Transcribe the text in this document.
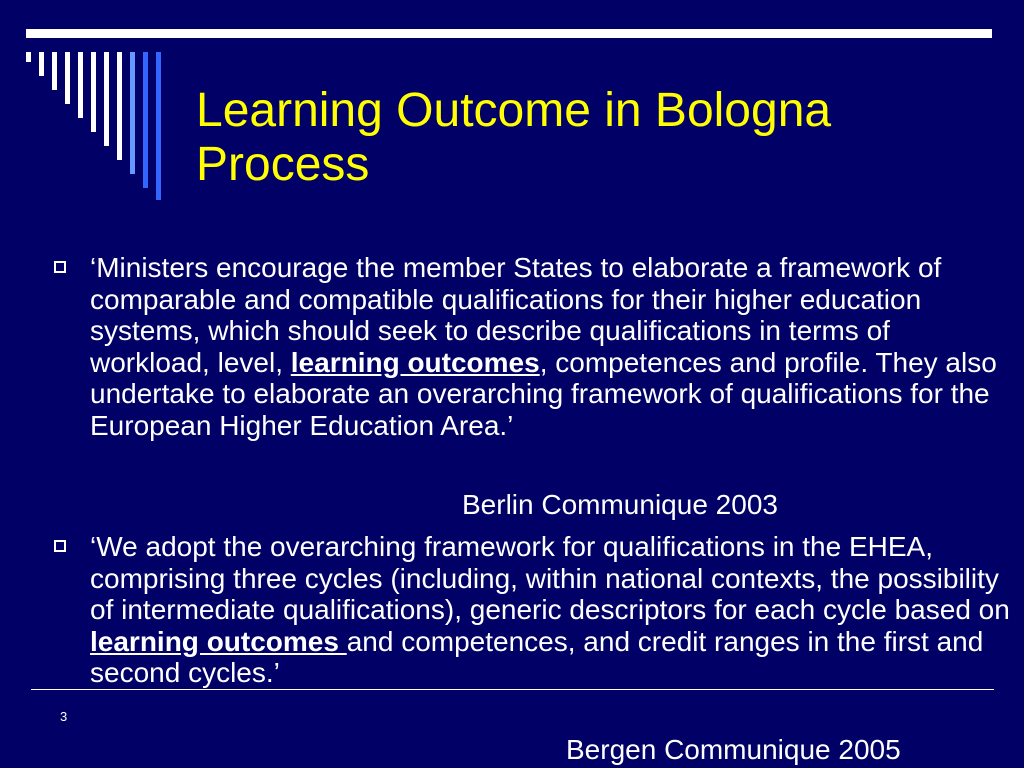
Learning Outcome in Bologna Process
‘Ministers encourage the member States to elaborate a framework of comparable and compatible qualifications for their higher education systems, which should seek to describe qualifications in terms of workload, level, learning outcomes, competences and profile. They also undertake to elaborate an overarching framework of qualifications for the European Higher Education Area.’
Berlin Communique 2003
‘We adopt the overarching framework for qualifications in the EHEA, comprising three cycles (including, within national contexts, the possibility of intermediate qualifications), generic descriptors for each cycle based on learning outcomes and competences, and credit ranges in the first and second cycles.’
Bergen Communique 2005
3
